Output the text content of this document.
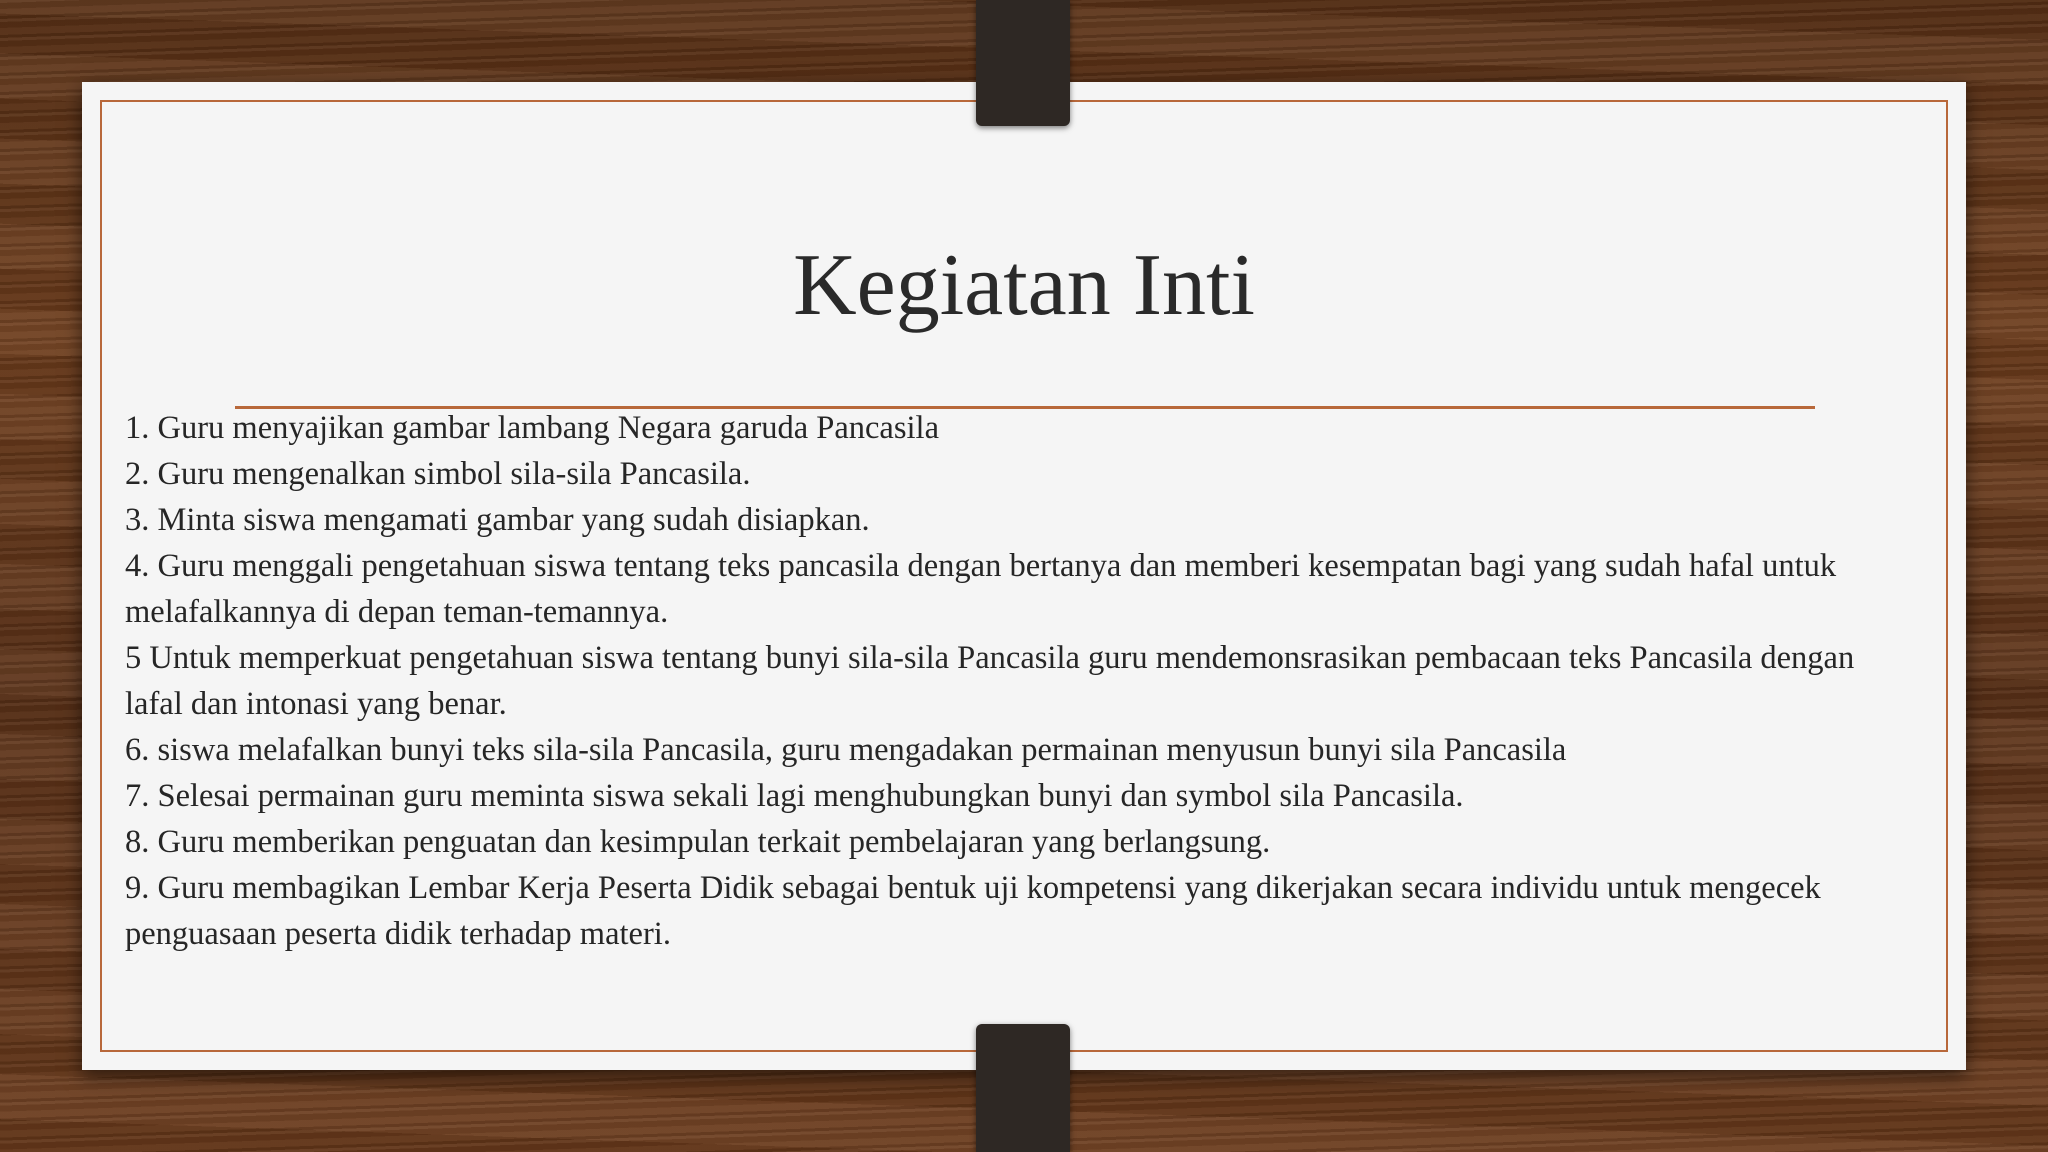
Kegiatan Inti
1. Guru menyajikan gambar lambang Negara garuda Pancasila
2. Guru mengenalkan simbol sila-sila Pancasila.
3. Minta siswa mengamati gambar yang sudah disiapkan.
4. Guru menggali pengetahuan siswa tentang teks pancasila dengan bertanya dan memberi kesempatan bagi yang sudah hafal untuk melafalkannya di depan teman-temannya.
5 Untuk memperkuat pengetahuan siswa tentang bunyi sila-sila Pancasila guru mendemonsrasikan pembacaan teks Pancasila dengan lafal dan intonasi yang benar.
6. siswa melafalkan bunyi teks sila-sila Pancasila, guru mengadakan permainan menyusun bunyi sila Pancasila
7. Selesai permainan guru meminta siswa sekali lagi menghubungkan bunyi dan symbol sila Pancasila.
8. Guru memberikan penguatan dan kesimpulan terkait pembelajaran yang berlangsung.
9. Guru membagikan Lembar Kerja Peserta Didik sebagai bentuk uji kompetensi yang dikerjakan secara individu untuk mengecek penguasaan peserta didik terhadap materi.
